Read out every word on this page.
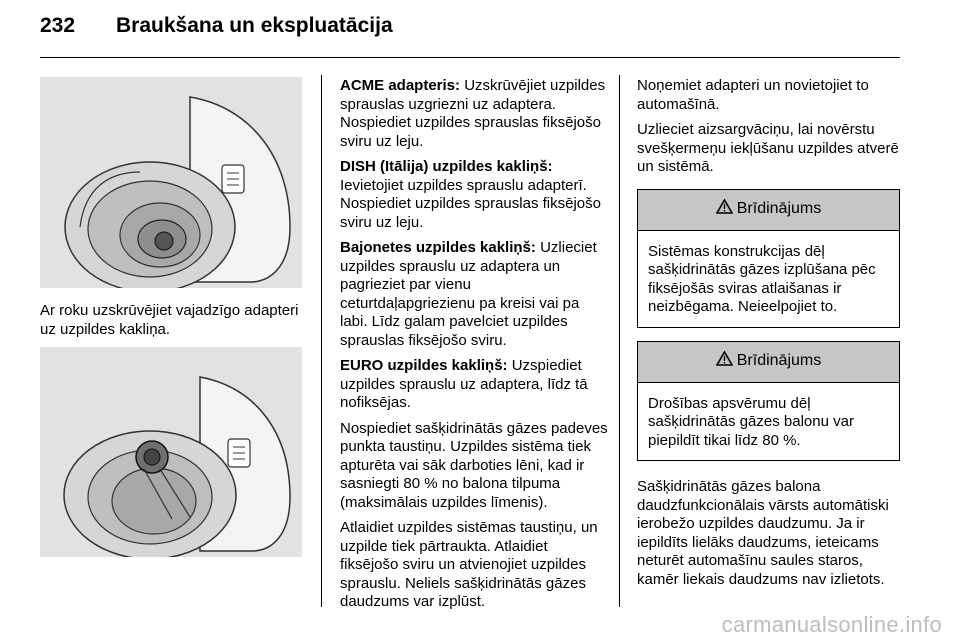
232 Braukšana un ekspluatācija
Ar roku uzskrūvējiet vajadzīgo adapteri uz uzpildes kakliņa.

ACME adapteris: Uzskrūvējiet uzpildes sprauslas uzgriezni uz adaptera. Nospiediet uzpildes sprauslas fiksējošo sviru uz leju.

DISH (Itālija) uzpildes kakliņš:
Ievietojiet uzpildes sprauslu adapterī. Nospiediet uzpildes sprauslas fiksējošo sviru uz leju.

Bajonetes uzpildes kakliņš: Uzlieciet uzpildes sprauslu uz adaptera un pagrieziet par vienu ceturtdaļapgriezienu pa kreisi vai pa labi. Līdz galam pavelciet uzpildes sprauslas fiksējošo sviru.

EURO uzpildes kakliņš: Uzspiediet uzpildes sprauslu uz adaptera, līdz tā nofiksējas.

Nospiediet sašķidrinātās gāzes padeves punkta taustiņu. Uzpildes sistēma tiek apturēta vai sāk darboties lēni, kad ir sasniegti 80 % no balona tilpuma (maksimālais uzpildes līmenis).

Atlaidiet uzpildes sistēmas taustiņu, un uzpilde tiek pārtraukta. Atlaidiet fiksējošo sviru un atvienojiet uzpildes sprauslu. Neliels sašķidrinātās gāzes daudzums var izplūst.

Noņemiet adapteri un novietojiet to automašīnā.

Uzlieciet aizsargvāciņu, lai novērstu svešķermeņu iekļūšanu uzpildes atverē un sistēmā.

Brīdinājums
Sistēmas konstrukcijas dēļ sašķidrinātās gāzes izplūšana pēc fiksējošās sviras atlaišanas ir neizbēgama. Neieelpojiet to.
Brīdinājums
Drošības apsvērumu dēļ sašķidrinātās gāzes balonu var piepildīt tikai līdz 80 %.

Sašķidrinātās gāzes balona daudzfunkcionālais vārsts automātiski ierobežo uzpildes daudzumu. Ja ir iepildīts lielāks daudzums, ieteicams neturēt automašīnu saules staros, kamēr liekais daudzums nav izlietots.

carmanualsonline.info
